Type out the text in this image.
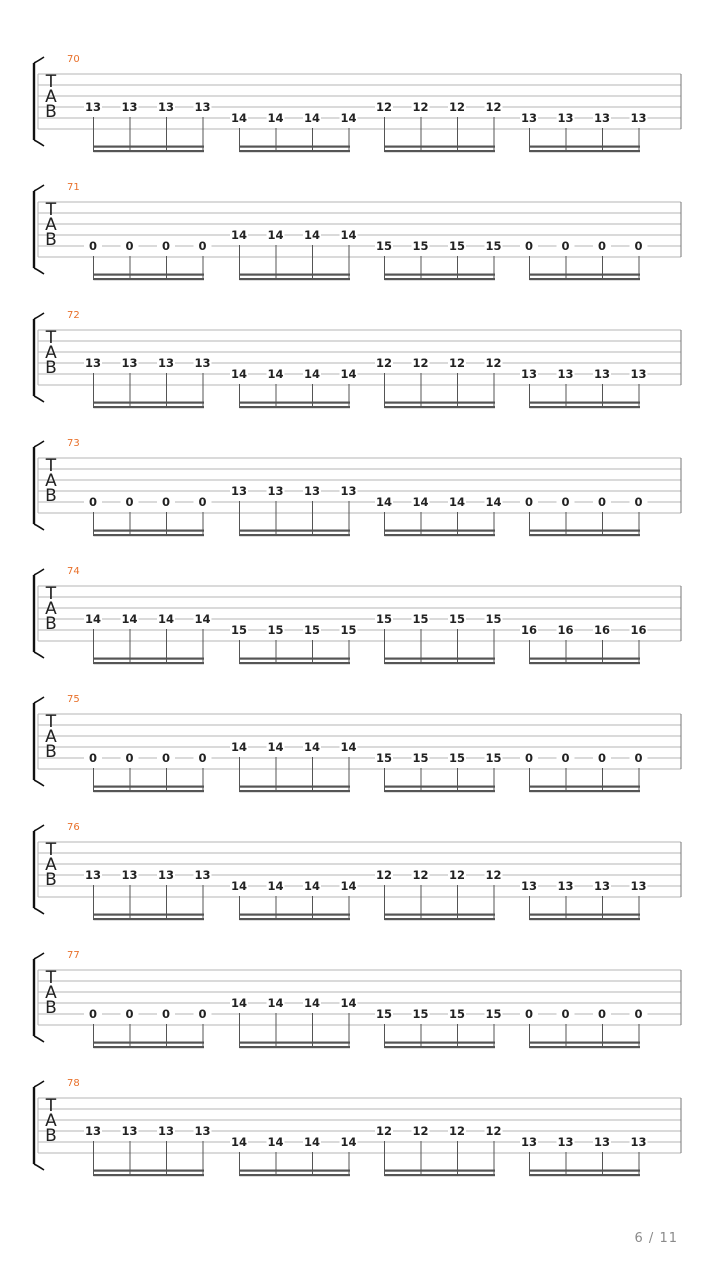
70
T
A
B 13 13 13 13
14 14 14 14
12 12 12 12
13 13 13 13
71
T
A
B	0 0 0 0
14 14 14 14
15 15 15 15 0 0 0 0
72
T
A
B 13 13 13 13
14 14 14 14
12 12 12 12
13 13 13 13
73
T
A
B	0 0 0 0
13 13 13 13
14 14 14 14 0 0 0 0
74
T
A
B 14 14 14 14
15 15 15 15
15 15 15 15
16 16 16 16
75
T
A
B	0 0 0 0
14 14 14 14
15 15 15 15 0 0 0 0
76
T
A
B 13 13 13 13
14 14 14 14
12 12 12 12
13 13 13 13
77
T
A
B	0 0 0 0
14 14 14 14
15 15 15 15 0 0 0 0
78
T
A
B 13 13 13 13
14 14 14 14
12 12 12 12
13 13 13 13
6 / 11
